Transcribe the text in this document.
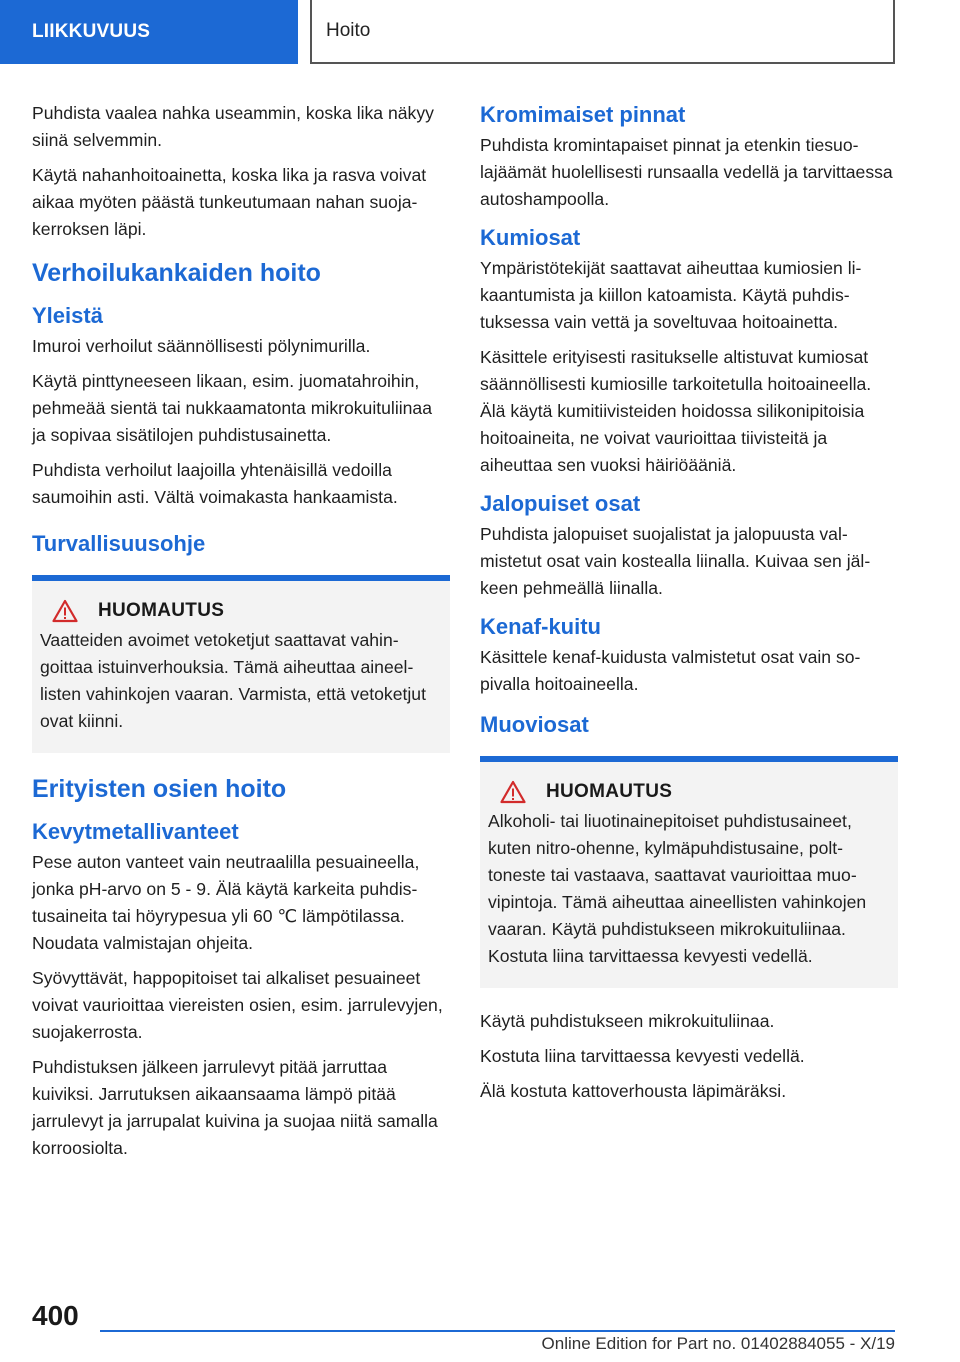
LIIKKUVUUS	Hoito

Puhdista vaalea nahka useammin, koska lika näkyy siinä selvemmin.

Käytä nahanhoitoainetta, koska lika ja rasva voivat aikaa myöten päästä tunkeutumaan nahan suojakerroksen läpi.

Verhoilukankaiden hoito
Yleistä

Imuroi verhoilut säännöllisesti pölynimurilla.

Käytä pinttyneeseen likaan, esim. juomatahroihin, pehmeää sientä tai nukkaamatonta mikrokuituliinaa ja sopivaa sisätilojen puhdistusainetta.

Puhdista verhoilut laajoilla yhtenäisillä vedoilla saumoihin asti. Vältä voimakasta hankaamista.

Turvallisuusohje
HUOMAUTUS

Vaatteiden avoimet vetoketjut saattavat vahingoittaa istuinverhouksia. Tämä aiheuttaa aineellisten vahinkojen vaaran. Varmista, että vetoketjut ovat kiinni.

Erityisten osien hoito
Kevytmetallivanteet

Pese auton vanteet vain neutraalilla pesuaineella, jonka pH-arvo on 5 - 9. Älä käytä karkeita puhdistusaineita tai höyrypesua yli 60 ℃ lämpötilassa. Noudata valmistajan ohjeita.

Syövyttävät, happopitoiset tai alkaliset pesuaineet voivat vaurioittaa viereisten osien, esim. jarrulevyjen, suojakerrosta.

Puhdistuksen jälkeen jarrulevyt pitää jarruttaa kuiviksi. Jarrutuksen aikaansaama lämpö pitää jarrulevyt ja jarrupalat kuivina ja suojaa niitä samalla korroosiolta.

Kromimaiset pinnat

Puhdista kromintapaiset pinnat ja etenkin tiesuolajäämät huolellisesti runsaalla vedellä ja tarvittaessa autoshampoolla.

Kumiosat

Ympäristötekijät saattavat aiheuttaa kumiosien likaantumista ja kiillon katoamista. Käytä puhdistuksessa vain vettä ja soveltuvaa hoitoainetta.

Käsittele erityisesti rasitukselle altistuvat kumiosat säännöllisesti kumiosille tarkoitetulla hoitoaineella. Älä käytä kumitiivisteiden hoidossa silikonipitoisia hoitoaineita, ne voivat vaurioittaa tiivisteitä ja aiheuttaa sen vuoksi häiriöääniä.

Jalopuiset osat

Puhdista jalopuiset suojalistat ja jalopuusta valmistetut osat vain kostealla liinalla. Kuivaa sen jälkeen pehmeällä liinalla.

Kenaf-kuitu

Käsittele kenaf-kuidusta valmistetut osat vain sopivalla hoitoaineella.

Muoviosat
HUOMAUTUS

Alkoholi- tai liuotinainepitoiset puhdistusaineet, kuten nitro-ohenne, kylmäpuhdistusaine, polttoneste tai vastaava, saattavat vaurioittaa muovipintoja. Tämä aiheuttaa aineellisten vahinkojen vaaran. Käytä puhdistukseen mikrokuituliinaa. Kostuta liina tarvittaessa kevyesti vedellä.

Käytä puhdistukseen mikrokuituliinaa.

Kostuta liina tarvittaessa kevyesti vedellä.

Älä kostuta kattoverhousta läpimäräksi.

400
Online Edition for Part no. 01402884055 - X/19
